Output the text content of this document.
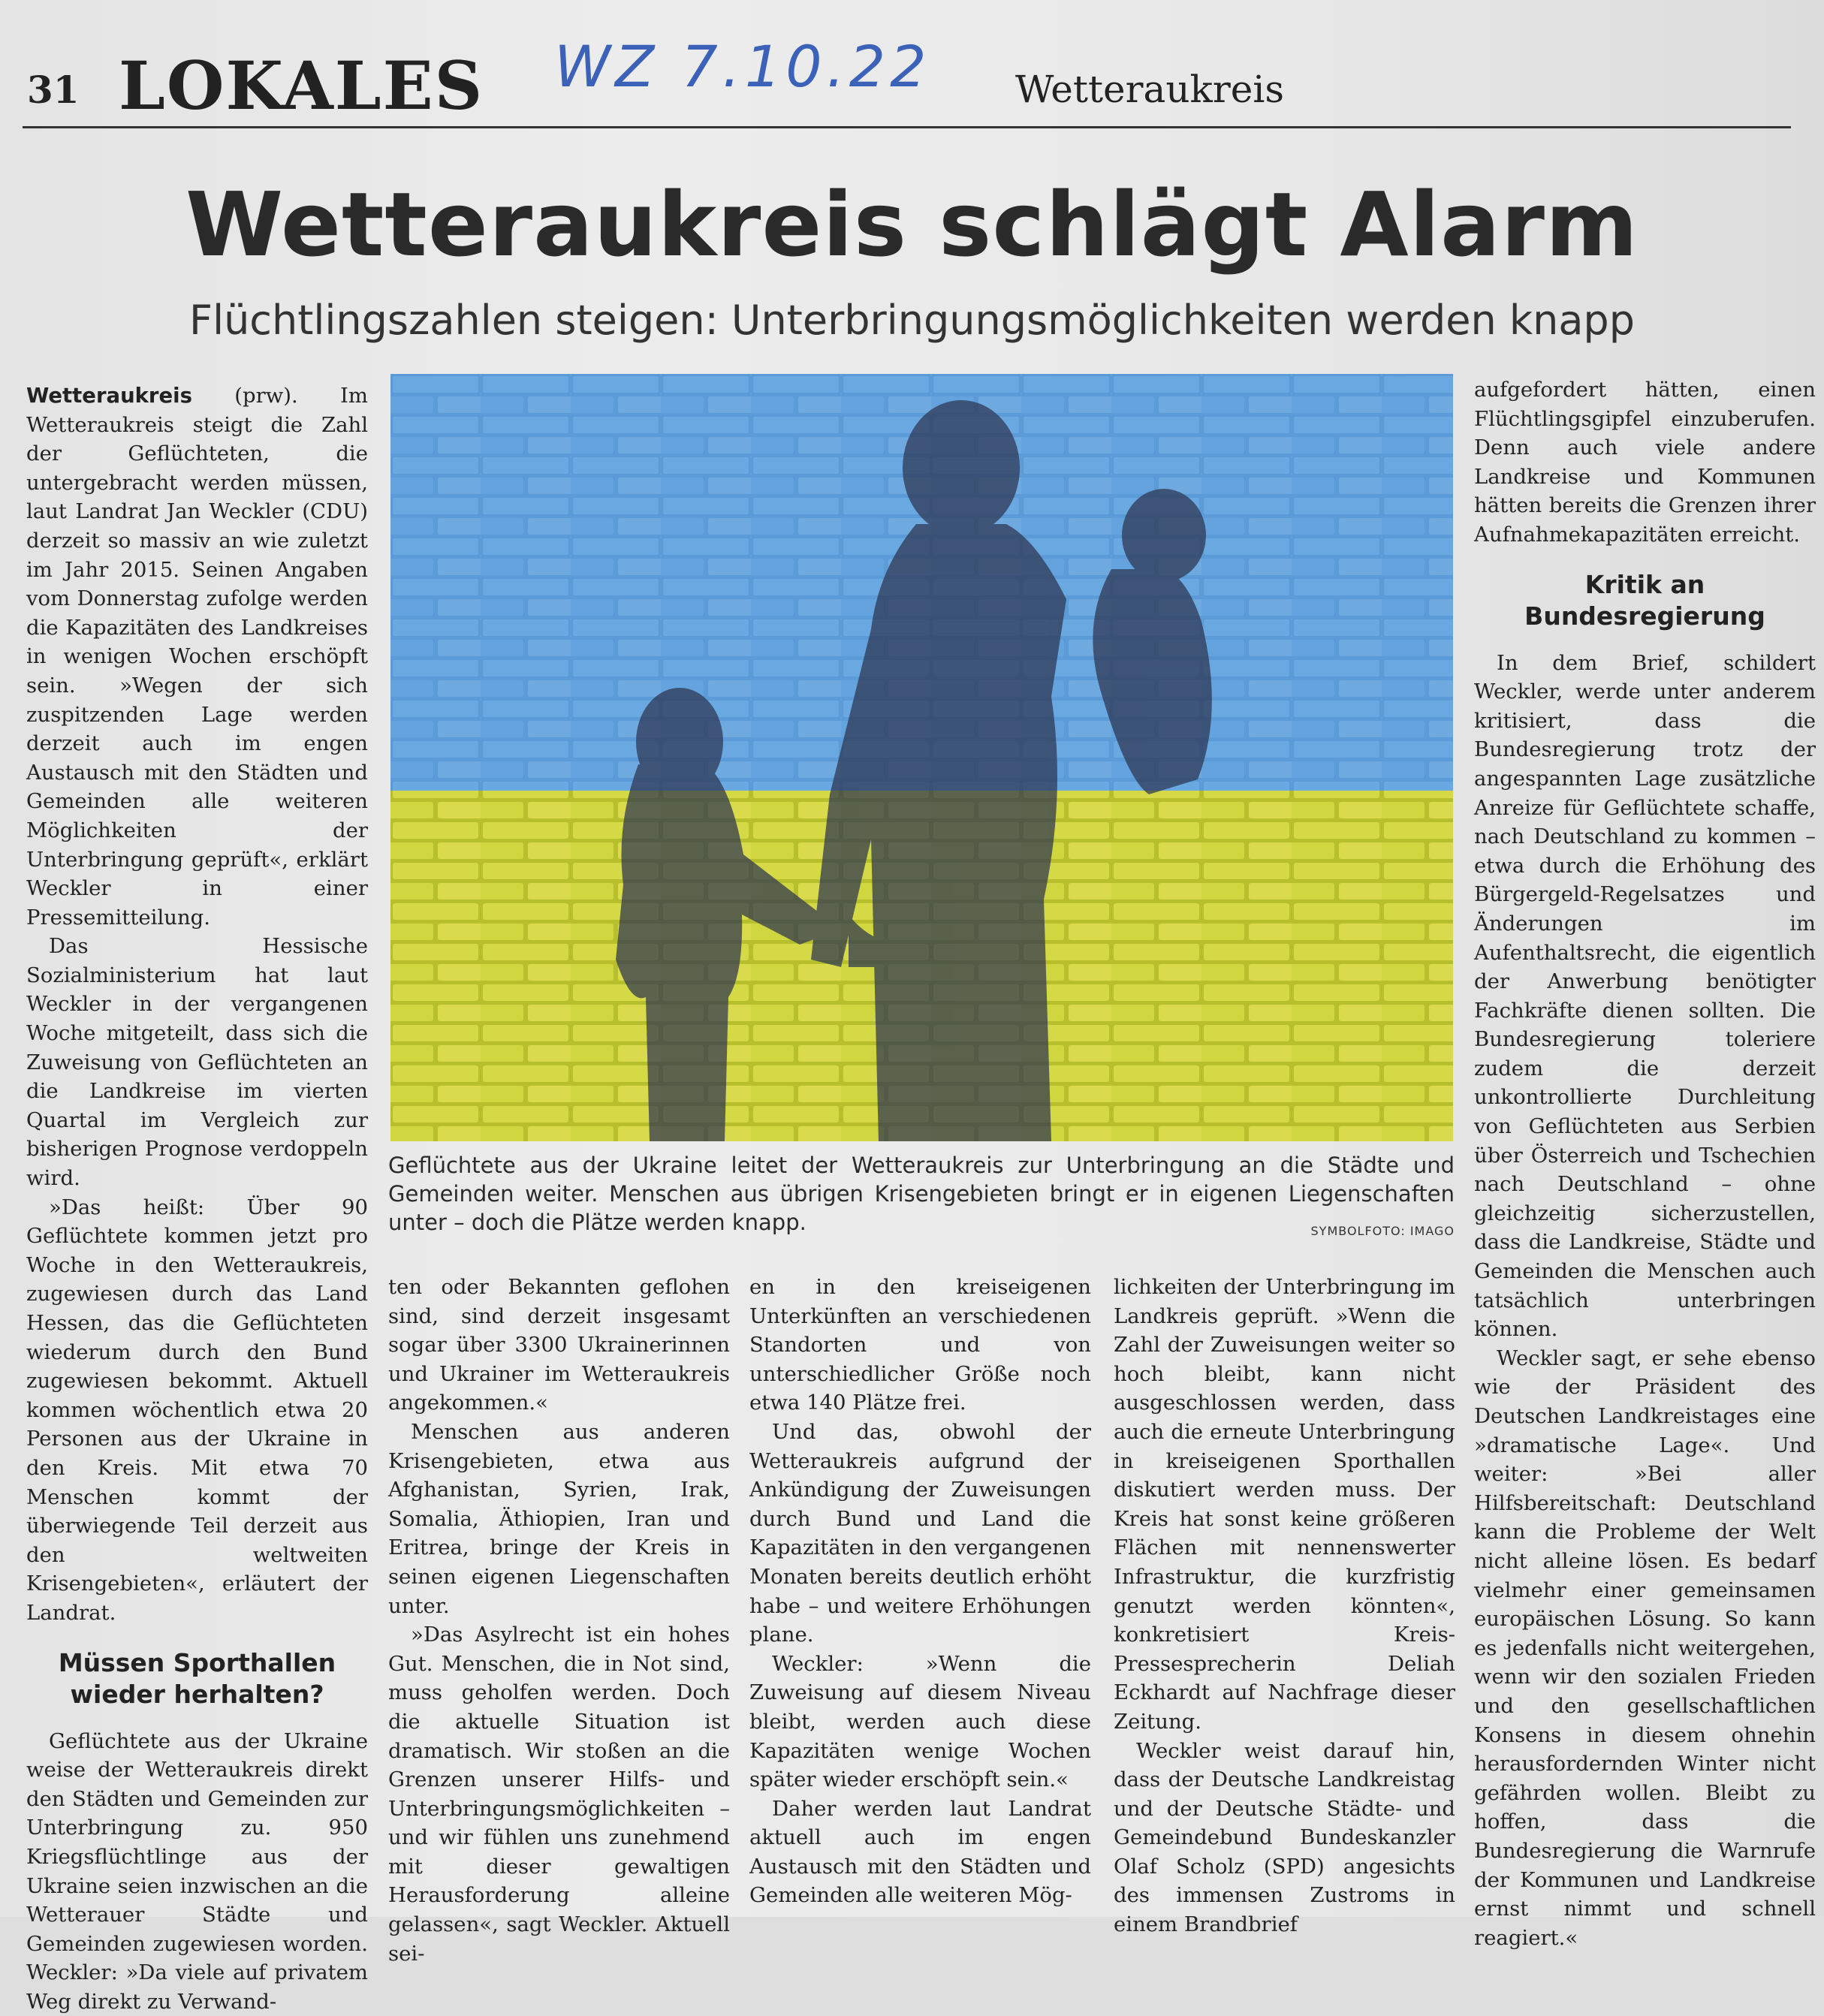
31 LOKALES WZ 7.10.22 Wetteraukreis
Wetteraukreis schlägt Alarm
Flüchtlingszahlen steigen: Unterbringungsmöglichkeiten werden knapp

Wetteraukreis (prw). Im Wetteraukreis steigt die Zahl der Geflüchteten, die untergebracht werden müssen, laut Landrat Jan Weckler (CDU) derzeit so massiv an wie zuletzt im Jahr 2015. Seinen Angaben vom Donnerstag zufolge werden die Kapazitäten des Landkreises in wenigen Wochen erschöpft sein. »Wegen der sich zuspitzenden Lage werden derzeit auch im engen Austausch mit den Städten und Gemeinden alle weiteren Möglichkeiten der Unterbringung geprüft«, erklärt Weckler in einer Pressemitteilung.

Das Hessische Sozialministerium hat laut Weckler in der vergangenen Woche mitgeteilt, dass sich die Zuweisung von Geflüchteten an die Landkreise im vierten Quartal im Vergleich zur bisherigen Prognose verdoppeln wird.

»Das heißt: Über 90 Geflüchtete kommen jetzt pro Woche in den Wetteraukreis, zugewiesen durch das Land Hessen, das die Geflüchteten wiederum durch den Bund zugewiesen bekommt. Aktuell kommen wöchentlich etwa 20 Personen aus der Ukraine in den Kreis. Mit etwa 70 Menschen kommt der überwiegende Teil derzeit aus den weltweiten Krisengebieten«, erläutert der Landrat.

Müssen Sporthallen wieder herhalten?

Geflüchtete aus der Ukraine weise der Wetteraukreis direkt den Städten und Gemeinden zur Unterbringung zu. 950 Kriegsflüchtlinge aus der Ukraine seien inzwischen an die Wetterauer Städte und Gemeinden zugewiesen worden. Weckler: »Da viele auf privatem Weg direkt zu Verwand-

Geflüchtete aus der Ukraine leitet der Wetteraukreis zur Unterbringung an die Städte und Gemeinden weiter. Menschen aus übrigen Krisengebieten bringt er in eigenen Liegenschaften unter – doch die Plätze werden knapp.	SYMBOLFOTO: IMAGO

ten oder Bekannten geflohen sind, sind derzeit insgesamt sogar über 3300 Ukrainerinnen und Ukrainer im Wetteraukreis angekommen.«

Menschen aus anderen Krisengebieten, etwa aus Afghanistan, Syrien, Irak, Somalia, Äthiopien, Iran und Eritrea, bringe der Kreis in seinen eigenen Liegenschaften unter.

»Das Asylrecht ist ein hohes Gut. Menschen, die in Not sind, muss geholfen werden. Doch die aktuelle Situation ist dramatisch. Wir stoßen an die Grenzen unserer Hilfs- und Unterbringungsmöglichkeiten – und wir fühlen uns zunehmend mit dieser gewaltigen Herausforderung alleine gelassen«, sagt Weckler. Aktuell sei-

en in den kreiseigenen Unterkünften an verschiedenen Standorten und von unterschiedlicher Größe noch etwa 140 Plätze frei.

Und das, obwohl der Wetteraukreis aufgrund der Ankündigung der Zuweisungen durch Bund und Land die Kapazitäten in den vergangenen Monaten bereits deutlich erhöht habe – und weitere Erhöhungen plane.

Weckler: »Wenn die Zuweisung auf diesem Niveau bleibt, werden auch diese Kapazitäten wenige Wochen später wieder erschöpft sein.«

Daher werden laut Landrat aktuell auch im engen Austausch mit den Städten und Gemeinden alle weiteren Mög-

lichkeiten der Unterbringung im Landkreis geprüft. »Wenn die Zahl der Zuweisungen weiter so hoch bleibt, kann nicht ausgeschlossen werden, dass auch die erneute Unterbringung in kreiseigenen Sporthallen diskutiert werden muss. Der Kreis hat sonst keine größeren Flächen mit nennenswerter Infrastruktur, die kurzfristig genutzt werden könnten«, konkretisiert Kreis-Pressesprecherin Deliah Eckhardt auf Nachfrage dieser Zeitung.

Weckler weist darauf hin, dass der Deutsche Landkreistag und der Deutsche Städte- und Gemeindebund Bundeskanzler Olaf Scholz (SPD) angesichts des immensen Zustroms in einem Brandbrief

aufgefordert hätten, einen Flüchtlingsgipfel einzuberufen. Denn auch viele andere Landkreise und Kommunen hätten bereits die Grenzen ihrer Aufnahmekapazitäten erreicht.

Kritik an Bundesregierung

In dem Brief, schildert Weckler, werde unter anderem kritisiert, dass die Bundesregierung trotz der angespannten Lage zusätzliche Anreize für Geflüchtete schaffe, nach Deutschland zu kommen – etwa durch die Erhöhung des Bürgergeld-Regelsatzes und Änderungen im Aufenthaltsrecht, die eigentlich der Anwerbung benötigter Fachkräfte dienen sollten. Die Bundesregierung toleriere zudem die derzeit unkontrollierte Durchleitung von Geflüchteten aus Serbien über Österreich und Tschechien nach Deutschland – ohne gleichzeitig sicherzustellen, dass die Landkreise, Städte und Gemeinden die Menschen auch tatsächlich unterbringen können.

Weckler sagt, er sehe ebenso wie der Präsident des Deutschen Landkreistages eine »dramatische Lage«. Und weiter: »Bei aller Hilfsbereitschaft: Deutschland kann die Probleme der Welt nicht alleine lösen. Es bedarf vielmehr einer gemeinsamen europäischen Lösung. So kann es jedenfalls nicht weitergehen, wenn wir den sozialen Frieden und den gesellschaftlichen Konsens in diesem ohnehin herausfordernden Winter nicht gefährden wollen. Bleibt zu hoffen, dass die Bundesregierung die Warnrufe der Kommunen und Landkreise ernst nimmt und schnell reagiert.«
